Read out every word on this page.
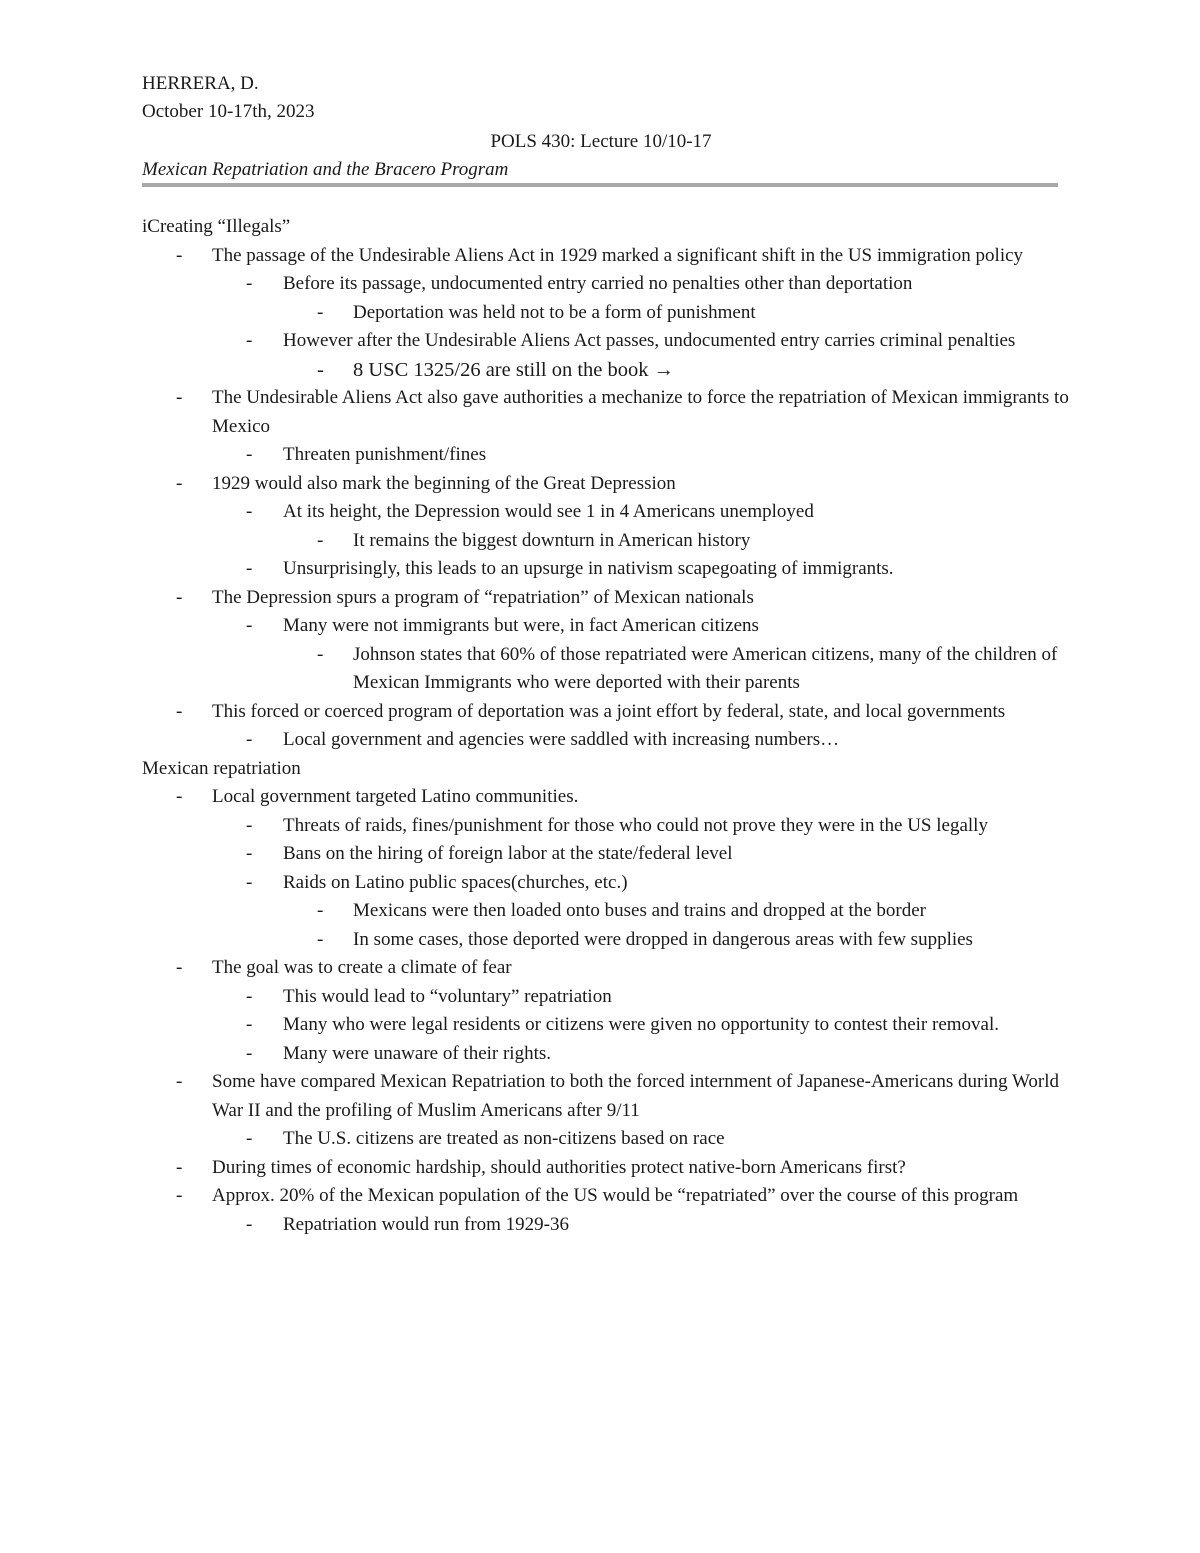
HERRERA, D.
October 10-17th, 2023
POLS 430: Lecture 10/10-17
Mexican Repatriation and the Bracero Program
iCreating “Illegals”
- The passage of the Undesirable Aliens Act in 1929 marked a significant shift in the US immigration policy
- Before its passage, undocumented entry carried no penalties other than deportation
- Deportation was held not to be a form of punishment
- However after the Undesirable Aliens Act passes, undocumented entry carries criminal penalties
- 8 USC 1325/26 are still on the book →
- The Undesirable Aliens Act also gave authorities a mechanize to force the repatriation of Mexican immigrants to Mexico
- Threaten punishment/fines
- 1929 would also mark the beginning of the Great Depression
- At its height, the Depression would see 1 in 4 Americans unemployed
- It remains the biggest downturn in American history
- Unsurprisingly, this leads to an upsurge in nativism scapegoating of immigrants.
- The Depression spurs a program of “repatriation” of Mexican nationals
- Many were not immigrants but were, in fact American citizens
- Johnson states that 60% of those repatriated were American citizens, many of the children of Mexican Immigrants who were deported with their parents
- This forced or coerced program of deportation was a joint effort by federal, state, and local governments
- Local government and agencies were saddled with increasing numbers…
Mexican repatriation
- Local government targeted Latino communities.
- Threats of raids, fines/punishment for those who could not prove they were in the US legally
- Bans on the hiring of foreign labor at the state/federal level
- Raids on Latino public spaces(churches, etc.)
- Mexicans were then loaded onto buses and trains and dropped at the border
- In some cases, those deported were dropped in dangerous areas with few supplies
- The goal was to create a climate of fear
- This would lead to “voluntary” repatriation
- Many who were legal residents or citizens were given no opportunity to contest their removal.
- Many were unaware of their rights.
- Some have compared Mexican Repatriation to both the forced internment of Japanese-Americans during World War II and the profiling of Muslim Americans after 9/11
- The U.S. citizens are treated as non-citizens based on race
- During times of economic hardship, should authorities protect native-born Americans first?
- Approx. 20% of the Mexican population of the US would be “repatriated” over the course of this program
- Repatriation would run from 1929-36
